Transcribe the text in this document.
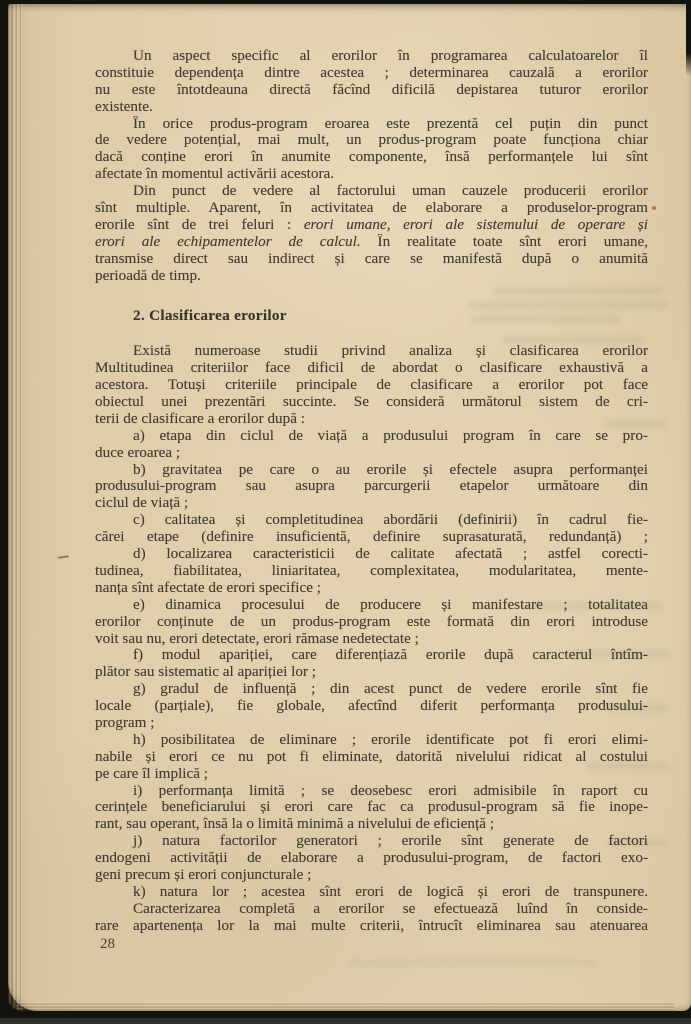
Un aspect specific al erorilor în programarea calculatoarelor îl
constituie dependența dintre acestea ; determinarea cauzală a erorilor
nu este întotdeauna directă făcînd dificilă depistarea tuturor erorilor
existente.
În orice produs-program eroarea este prezentă cel puțin din punct
de vedere potențial, mai mult, un produs-program poate funcționa chiar
dacă conține erori în anumite componente, însă performanțele lui sînt
afectate în momentul activării acestora.
Din punct de vedere al factorului uman cauzele producerii erorilor
sînt multiple. Aparent, în activitatea de elaborare a produselor-program
erorile sînt de trei feluri : erori umane, erori ale sistemului de operare și
erori ale echipamentelor de calcul. În realitate toate sînt erori umane,
transmise direct sau indirect și care se manifestă după o anumită
perioadă de timp.
2. Clasificarea erorilor
Există numeroase studii privind analiza și clasificarea erorilor
Multitudinea criteriilor face dificil de abordat o clasificare exhaustivă a
acestora. Totuși criteriile principale de clasificare a erorilor pot face
obiectul unei prezentări succinte. Se consideră următorul sistem de cri-
terii de clasificare a erorilor după :
a) etapa din ciclul de viață a produsului program în care se pro-
duce eroarea ;
b) gravitatea pe care o au erorile și efectele asupra performanței
produsului-program sau asupra parcurgerii etapelor următoare din
ciclul de viață ;
c) calitatea și completitudinea abordării (definirii) în cadrul fie-
cărei etape (definire insuficientă, definire suprasaturată, redundanță) ;
d) localizarea caracteristicii de calitate afectată ; astfel corecti-
tudinea, fiabilitatea, liniaritatea, complexitatea, modularitatea, mente-
nanța sînt afectate de erori specifice ;
e) dinamica procesului de producere și manifestare ; totalitatea
erorilor conținute de un produs-program este formată din erori introduse
voit sau nu, erori detectate, erori rămase nedetectate ;
f) modul apariției, care diferențiază erorile după caracterul întîm-
plător sau sistematic al apariției lor ;
g) gradul de influență ; din acest punct de vedere erorile sînt fie
locale (parțiale), fie globale, afectînd diferit performanța produsului-
program ;
h) posibilitatea de eliminare ; erorile identificate pot fi erori elimi-
nabile și erori ce nu pot fi eliminate, datorită nivelului ridicat al costului
pe care îl implică ;
i) performanța limită ; se deosebesc erori admisibile în raport cu
cerințele beneficiarului și erori care fac ca produsul-program să fie inope-
rant, sau operant, însă la o limită minimă a nivelului de eficiență ;
j) natura factorilor generatori ; erorile sînt generate de factori
endogeni activității de elaborare a produsului-program, de factori exo-
geni precum și erori conjuncturale ;
k) natura lor ; acestea sînt erori de logică și erori de transpunere.
Caracterizarea completă a erorilor se efectuează luînd în conside-
rare apartenența lor la mai multe criterii, întrucît eliminarea sau atenuarea
28
